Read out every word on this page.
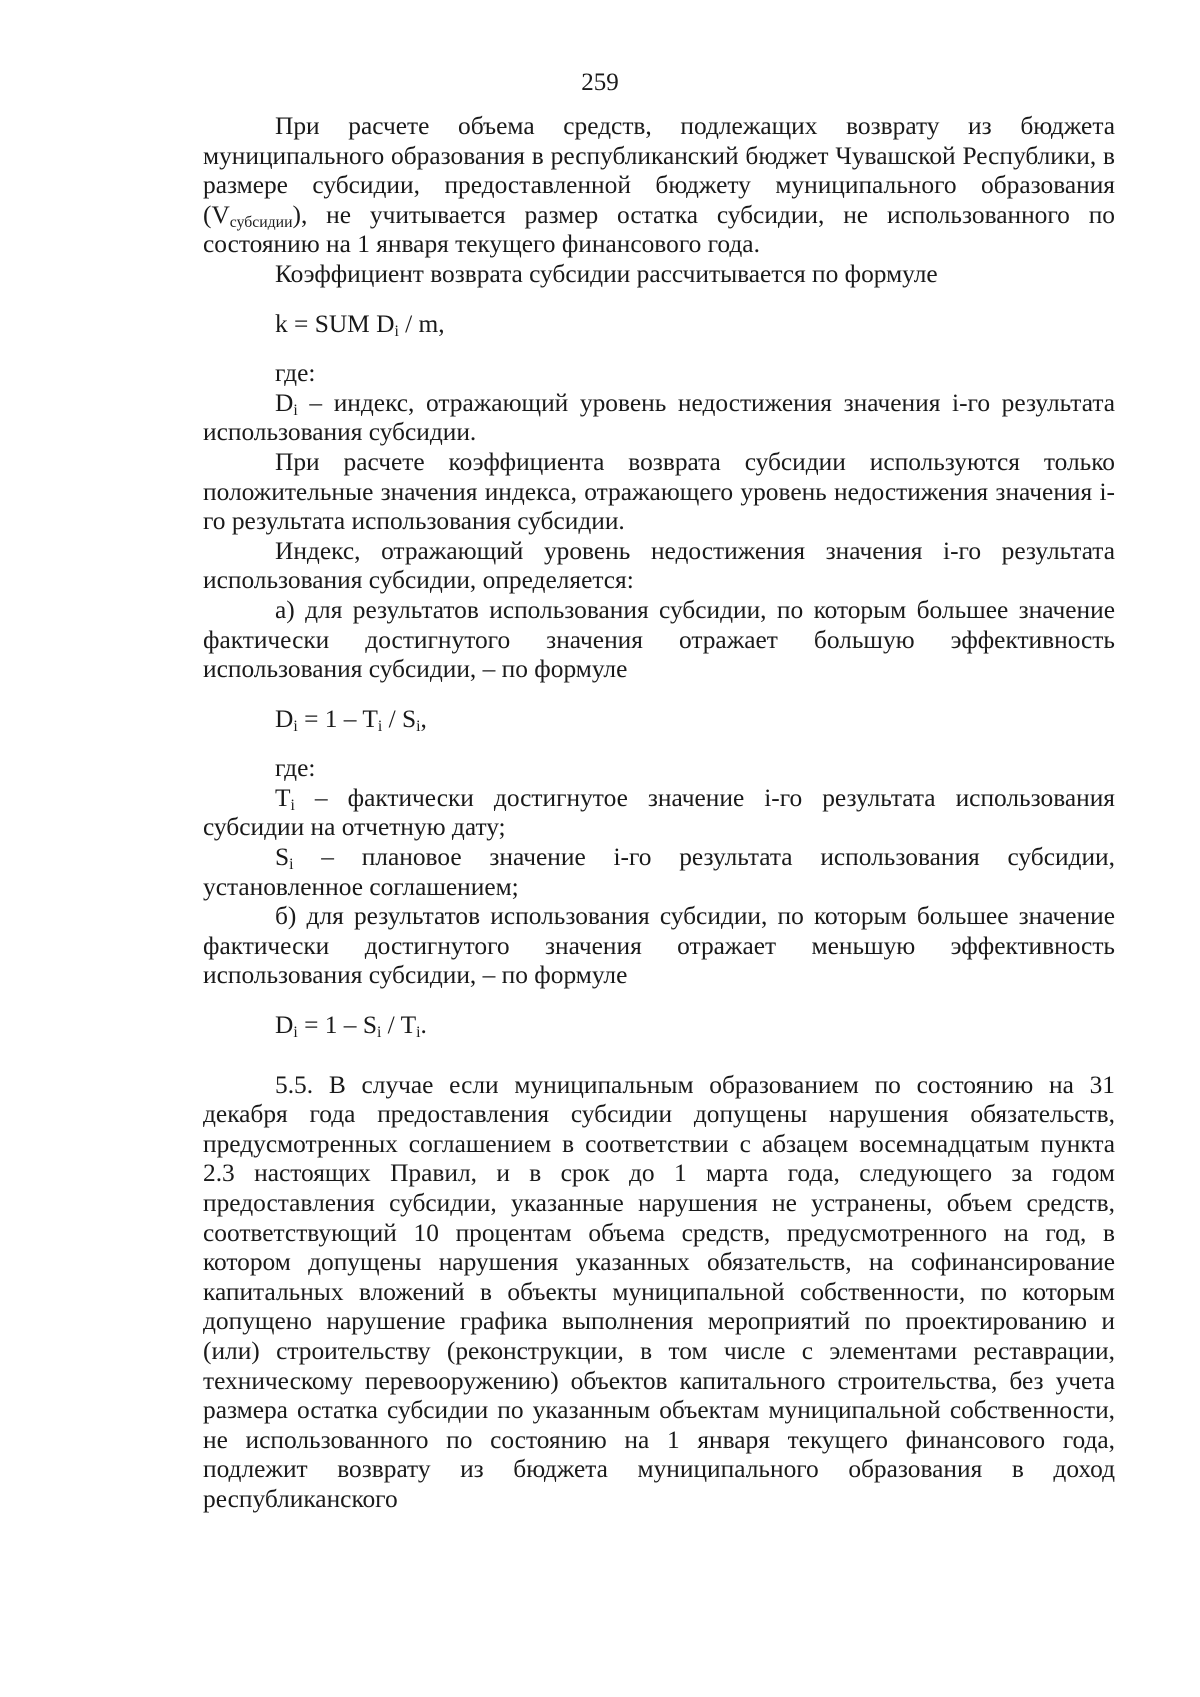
259

При расчете объема средств, подлежащих возврату из бюджета муниципального образования в республиканский бюджет Чувашской Республики, в размере субсидии, предоставленной бюджету муниципального образования $(V_{субсидии})$, не учитывается размер остатка субсидии, не использованного по состоянию на 1 января текущего финансового года.

Коэффициент возврата субсидии рассчитывается по формуле

k = SUM $D_i$ / m,

где:

$D_i$ – индекс, отражающий уровень недостижения значения i-го результата использования субсидии.

При расчете коэффициента возврата субсидии используются только положительные значения индекса, отражающего уровень недостижения значения i-го результата использования субсидии.

Индекс, отражающий уровень недостижения значения i-го результата использования субсидии, определяется:

а) для результатов использования субсидии, по которым большее значение фактически достигнутого значения отражает большую эффективность использования субсидии, – по формуле

$D_i = 1 - T_i / S_i$,

где:

$T_i$ – фактически достигнутое значение i-го результата использования субсидии на отчетную дату;

$S_i$ – плановое значение i-го результата использования субсидии, установленное соглашением;

б) для результатов использования субсидии, по которым большее значение фактически достигнутого значения отражает меньшую эффективность использования субсидии, – по формуле

$D_i = 1 - S_i / T_i$.

5.5. В случае если муниципальным образованием по состоянию на 31 декабря года предоставления субсидии допущены нарушения обязательств, предусмотренных соглашением в соответствии с абзацем восемнадцатым пункта 2.3 настоящих Правил, и в срок до 1 марта года, следующего за годом предоставления субсидии, указанные нарушения не устранены, объем средств, соответствующий 10 процентам объема средств, предусмотренного на год, в котором допущены нарушения указанных обязательств, на софинансирование капитальных вложений в объекты муниципальной собственности, по которым допущено нарушение графика выполнения мероприятий по проектированию и (или) строительству (реконструкции, в том числе с элементами реставрации, техническому перевооружению) объектов капитального строительства, без учета размера остатка субсидии по указанным объектам муниципальной собственности, не использованного по состоянию на 1 января текущего финансового года, подлежит возврату из бюджета муниципального образования в доход республиканского
